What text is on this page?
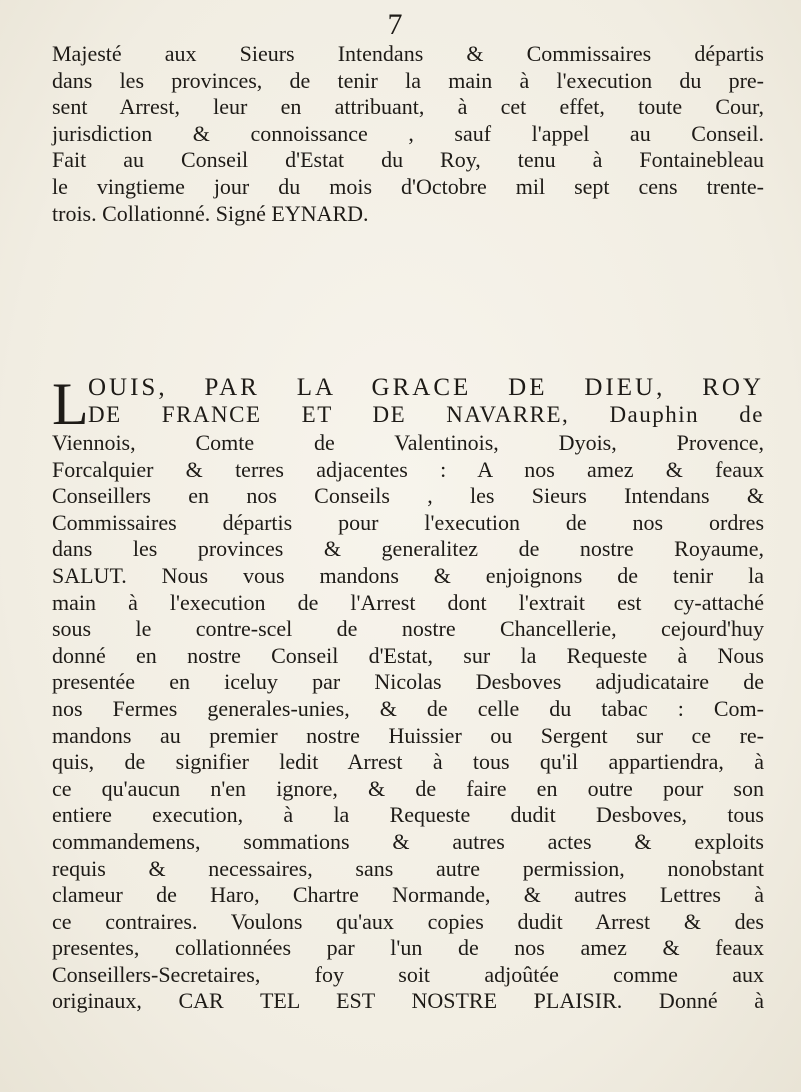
7
Majesté aux Sieurs Intendans & Commissaires départis
dans les provinces, de tenir la main à l'execution du pre-
sent Arrest, leur en attribuant, à cet effet, toute Cour,
jurisdiction & connoissance , sauf l'appel au Conseil.
Fait au Conseil d'Estat du Roy, tenu à Fontainebleau
le vingtieme jour du mois d'Octobre mil sept cens trente-
trois. Collationné. Signé EYNARD.
L OUIS, PAR LA GRACE DE DIEU, ROY
DE FRANCE ET DE NAVARRE, Dauphin de
Viennois, Comte de Valentinois, Dyois, Provence,
Forcalquier & terres adjacentes : A nos amez & feaux
Conseillers en nos Conseils , les Sieurs Intendans &
Commissaires départis pour l'execution de nos ordres
dans les provinces & generalitez de nostre Royaume,
SALUT. Nous vous mandons & enjoignons de tenir la
main à l'execution de l'Arrest dont l'extrait est cy-attaché
sous le contre-scel de nostre Chancellerie, cejourd'huy
donné en nostre Conseil d'Estat, sur la Requeste à Nous
presentée en iceluy par Nicolas Desboves adjudicataire de
nos Fermes generales-unies, & de celle du tabac : Com-
mandons au premier nostre Huissier ou Sergent sur ce re-
quis, de signifier ledit Arrest à tous qu'il appartiendra, à
ce qu'aucun n'en ignore, & de faire en outre pour son
entiere execution, à la Requeste dudit Desboves, tous
commandemens, sommations & autres actes & exploits
requis & necessaires, sans autre permission, nonobstant
clameur de Haro, Chartre Normande, & autres Lettres à
ce contraires. Voulons qu'aux copies dudit Arrest & des
presentes, collationnées par l'un de nos amez & feaux
Conseillers-Secretaires, foy soit adjoûtée comme aux
originaux, CAR TEL EST NOSTRE PLAISIR. Donné à
